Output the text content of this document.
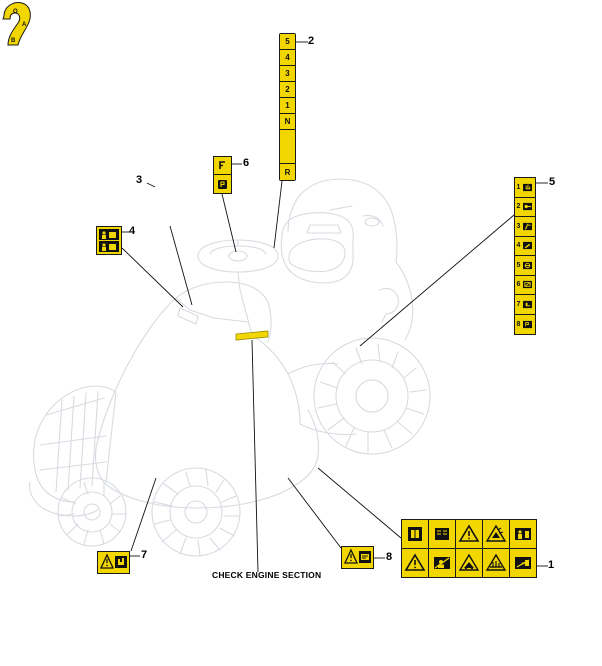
5
4
3
2
1
N
R
1
2
3
4
5
6
7
8
O
A
B
1
2
3
4
5
6
7	8
CHECK ENGINE SECTION
